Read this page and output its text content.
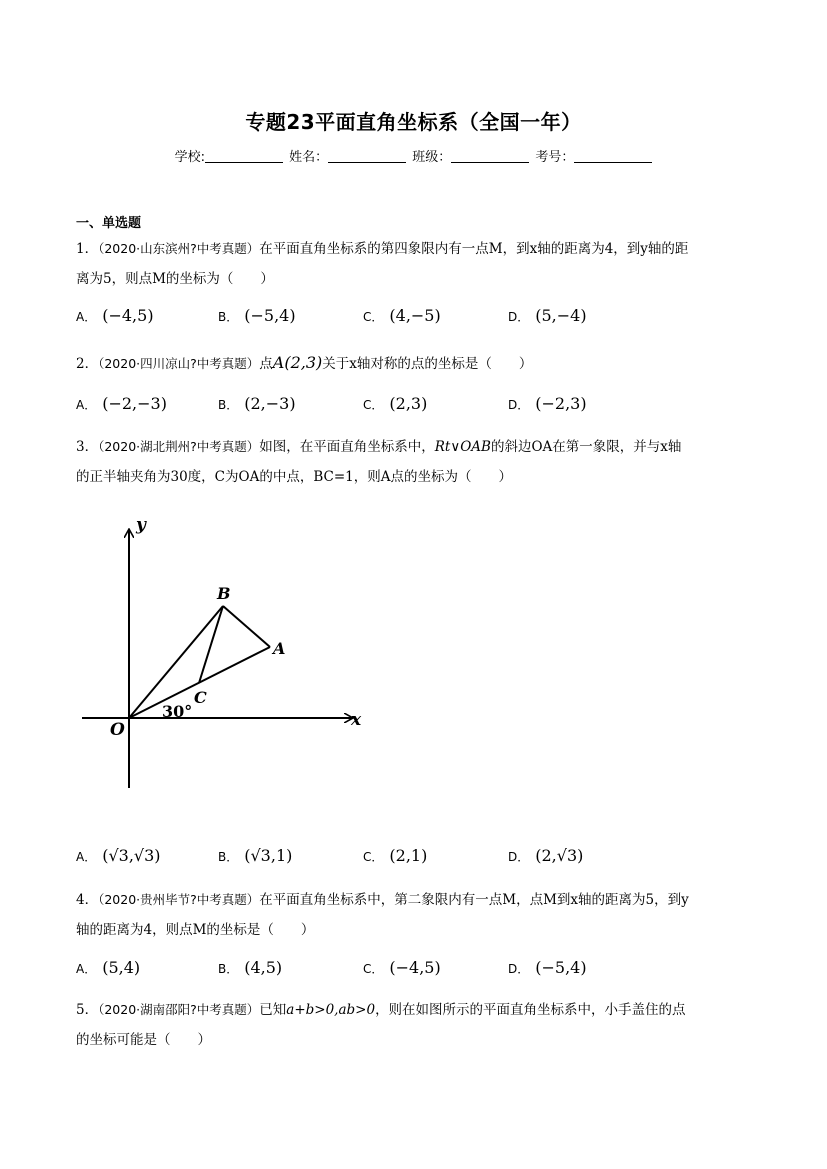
专题23平面直角坐标系（全国一年）
学校:	姓名：	班级：	考号：
一、单选题
1．（2020·山东滨州?中考真题）在平面直角坐标系的第四象限内有一点M，到x轴的距离为4，到y轴的距
离为5，则点M的坐标为（　　）
A． (−4,5)	B． (−5,4)	C． (4,−5)	D． (5,−4)
2．（2020·四川凉山?中考真题）点A(2,3)关于x轴对称的点的坐标是（　　）
A． (−2,−3)	B． (2,−3)	C． (2,3)	D． (−2,3)
3．（2020·湖北荆州?中考真题）如图，在平面直角坐标系中，Rt∨OAB的斜边OA在第一象限，并与x轴
的正半轴夹角为30度，C为OA的中点，BC=1，则A点的坐标为（　　）
y
x
O
B
A
C
30°
A． (√3,√3)	B． (√3,1)	C． (2,1)	D． (2,√3)
4．（2020·贵州毕节?中考真题）在平面直角坐标系中，第二象限内有一点M，点M到x轴的距离为5，到y
轴的距离为4，则点M的坐标是（　　）
A． (5,4)	B． (4,5)	C． (−4,5)	D． (−5,4)
5．（2020·湖南邵阳?中考真题）已知a+b>0,ab>0，则在如图所示的平面直角坐标系中，小手盖住的点
的坐标可能是（　　）
